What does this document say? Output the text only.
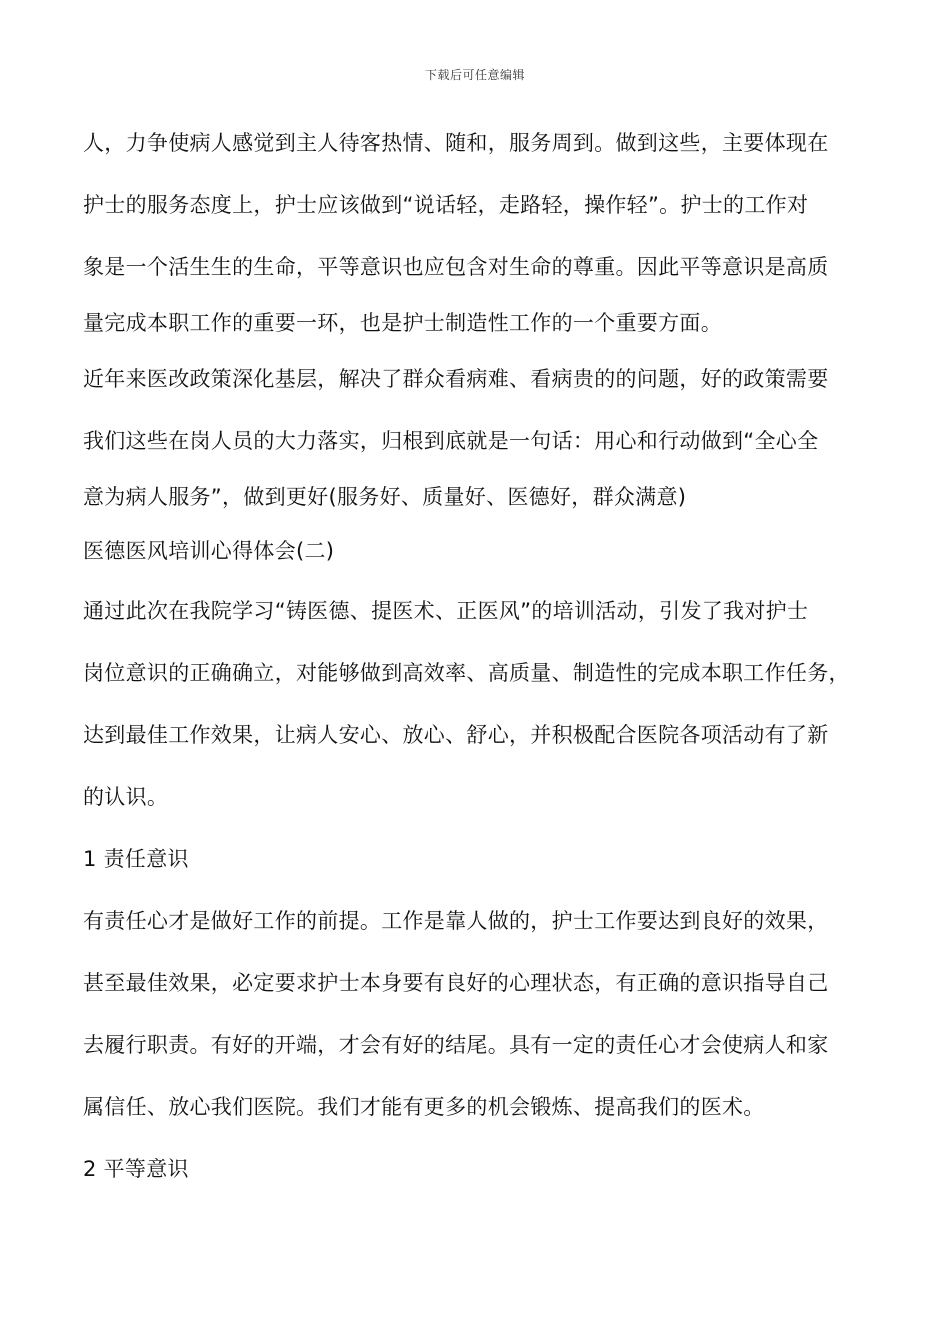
下载后可任意编辑
人，力争使病人感觉到主人待客热情、随和，服务周到。做到这些，主要体现在
护士的服务态度上，护士应该做到“说话轻，走路轻，操作轻”。护士的工作对
象是一个活生生的生命，平等意识也应包含对生命的尊重。因此平等意识是高质
量完成本职工作的重要一环，也是护士制造性工作的一个重要方面。
近年来医改政策深化基层，解决了群众看病难、看病贵的的问题，好的政策需要
我们这些在岗人员的大力落实，归根到底就是一句话：用心和行动做到“全心全
意为病人服务”，做到更好(服务好、质量好、医德好，群众满意)
医德医风培训心得体会(二)
通过此次在我院学习“铸医德、提医术、正医风”的培训活动，引发了我对护士
岗位意识的正确确立，对能够做到高效率、高质量、制造性的完成本职工作任务，
达到最佳工作效果，让病人安心、放心、舒心，并积极配合医院各项活动有了新
的认识。
1 责任意识
有责任心才是做好工作的前提。工作是靠人做的，护士工作要达到良好的效果，
甚至最佳效果，必定要求护士本身要有良好的心理状态，有正确的意识指导自己
去履行职责。有好的开端，才会有好的结尾。具有一定的责任心才会使病人和家
属信任、放心我们医院。我们才能有更多的机会锻炼、提高我们的医术。
2 平等意识
